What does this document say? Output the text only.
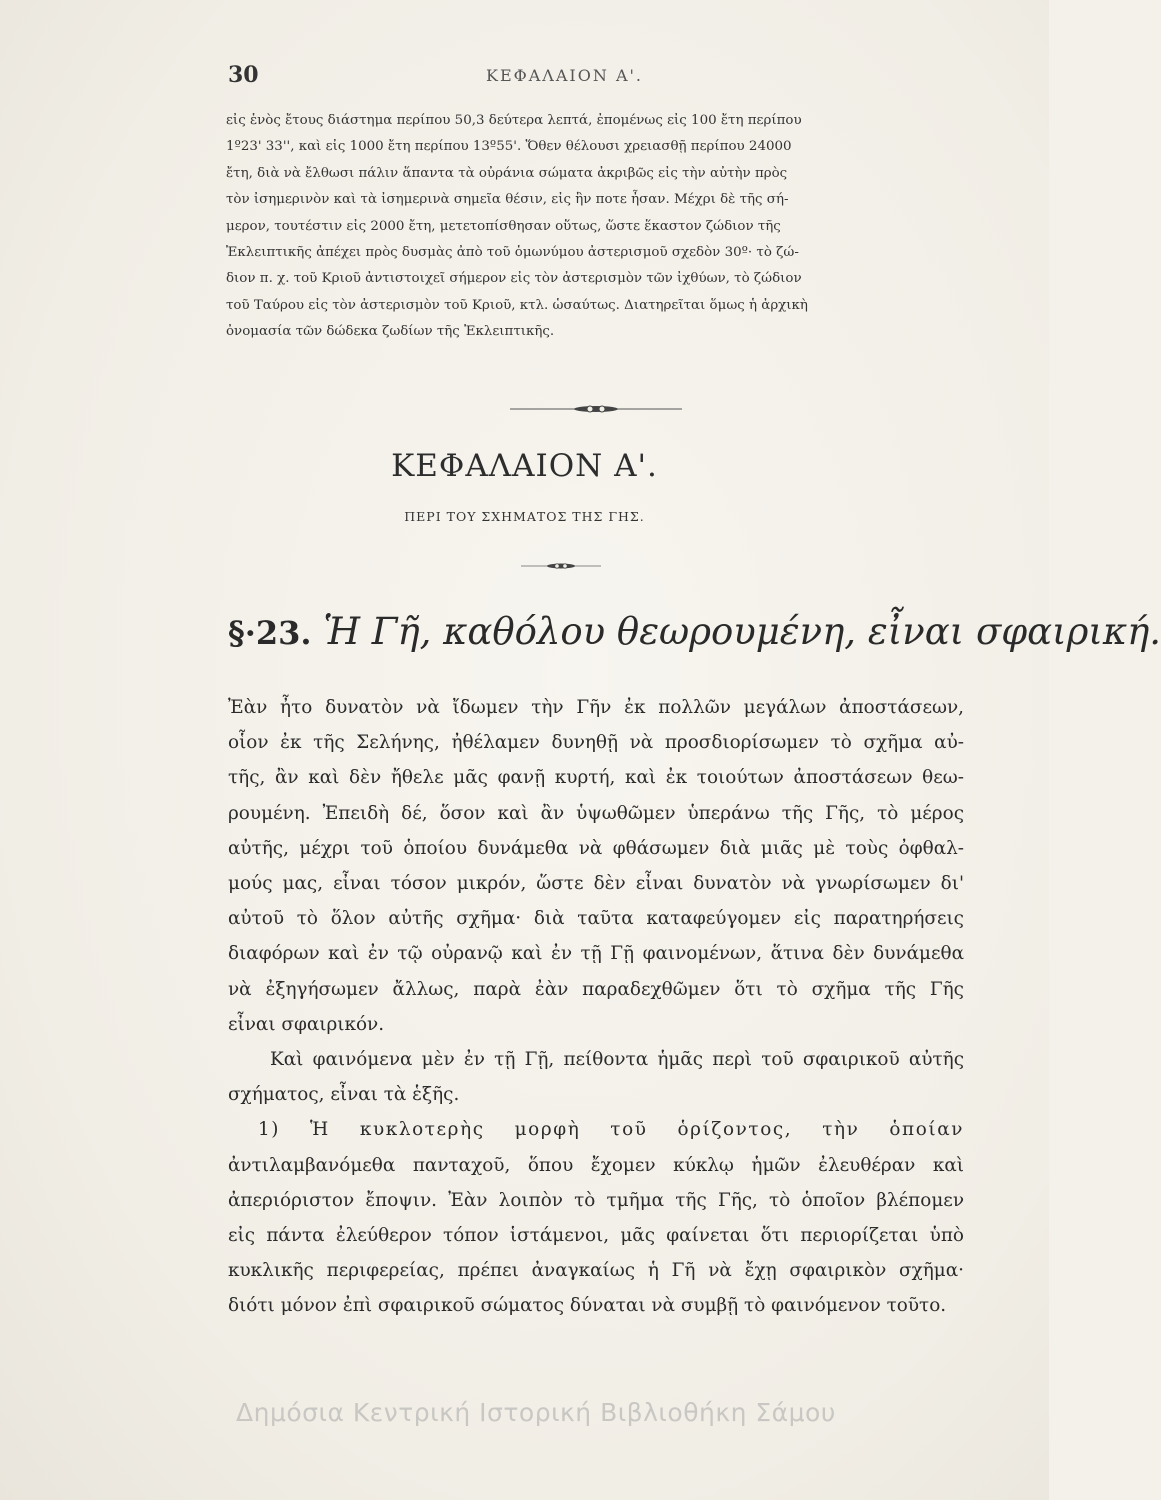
30	ΚΕΦΑΛΑΙΟΝ Α'.
εἰς ἑνὸς ἔτους διάστημα περίπου 50,3 δεύτερα λεπτά, ἐπομένως εἰς 100 ἔτη περίπου
1º23' 33'', καὶ εἰς 1000 ἔτη περίπου 13º55'. Ὅθεν θέλουσι χρειασθῇ περίπου 24000
ἔτη, διὰ νὰ ἔλθωσι πάλιν ἅπαντα τὰ οὐράνια σώματα ἀκριβῶς εἰς τὴν αὐτὴν πρὸς
τὸν ἰσημερινὸν καὶ τὰ ἰσημερινὰ σημεῖα θέσιν, εἰς ἣν ποτε ἦσαν. Μέχρι δὲ τῆς σή-
μερον, τουτέστιν εἰς 2000 ἔτη, μετετοπίσθησαν οὕτως, ὥστε ἕκαστον ζώδιον τῆς
Ἐκλειπτικῆς ἀπέχει πρὸς δυσμὰς ἀπὸ τοῦ ὁμωνύμου ἀστερισμοῦ σχεδὸν 30º· τὸ ζώ-
διον π. χ. τοῦ Κριοῦ ἀντιστοιχεῖ σήμερον εἰς τὸν ἀστερισμὸν τῶν ἰχθύων, τὸ ζώδιον
τοῦ Ταύρου εἰς τὸν ἀστερισμὸν τοῦ Κριοῦ, κτλ. ὡσαύτως. Διατηρεῖται ὅμως ἡ ἀρχικὴ
ὀνομασία τῶν δώδεκα ζωδίων τῆς Ἐκλειπτικῆς.
ΚΕΦΑΛΑΙΟΝ Α'.
ΠΕΡΙ ΤΟΥ ΣΧΗΜΑΤΟΣ ΤΗΣ ΓΗΣ.
§·23. Ἡ Γῆ, καθόλου θεωρουμένη, εἶναι σφαιρική.
Ἐὰν ἦτο δυνατὸν νὰ ἴδωμεν τὴν Γῆν ἐκ πολλῶν μεγάλων ἀποστάσεων,
οἷον ἐκ τῆς Σελήνης, ἠθέλαμεν δυνηθῇ νὰ προσδιορίσωμεν τὸ σχῆμα αὐ-
τῆς, ἂν καὶ δὲν ἤθελε μᾶς φανῇ κυρτή, καὶ ἐκ τοιούτων ἀποστάσεων θεω-
ρουμένη. Ἐπειδὴ δέ, ὅσον καὶ ἂν ὑψωθῶμεν ὑπεράνω τῆς Γῆς, τὸ μέρος
αὐτῆς, μέχρι τοῦ ὁποίου δυνάμεθα νὰ φθάσωμεν διὰ μιᾶς μὲ τοὺς ὀφθαλ-
μούς μας, εἶναι τόσον μικρόν, ὥστε δὲν εἶναι δυνατὸν νὰ γνωρίσωμεν δι'
αὐτοῦ τὸ ὅλον αὐτῆς σχῆμα· διὰ ταῦτα καταφεύγομεν εἰς παρατηρήσεις
διαφόρων καὶ ἐν τῷ οὐρανῷ καὶ ἐν τῇ Γῇ φαινομένων, ἅτινα δὲν δυνάμεθα
νὰ ἐξηγήσωμεν ἄλλως, παρὰ ἐὰν παραδεχθῶμεν ὅτι τὸ σχῆμα τῆς Γῆς
εἶναι σφαιρικόν.
Καὶ φαινόμενα μὲν ἐν τῇ Γῇ, πείθοντα ἡμᾶς περὶ τοῦ σφαιρικοῦ αὐτῆς
σχήματος, εἶναι τὰ ἑξῆς.
1) Ἡ κυκλοτερὴς μορφὴ τοῦ ὁρίζοντος, τὴν ὁποίαν
ἀντιλαμβανόμεθα πανταχοῦ, ὅπου ἔχομεν κύκλῳ ἡμῶν ἐλευθέραν καὶ
ἀπεριόριστον ἔποψιν. Ἐὰν λοιπὸν τὸ τμῆμα τῆς Γῆς, τὸ ὁποῖον βλέπομεν
εἰς πάντα ἐλεύθερον τόπον ἱστάμενοι, μᾶς φαίνεται ὅτι περιορίζεται ὑπὸ
κυκλικῆς περιφερείας, πρέπει ἀναγκαίως ἡ Γῆ νὰ ἔχῃ σφαιρικὸν σχῆμα·
διότι μόνον ἐπὶ σφαιρικοῦ σώματος δύναται νὰ συμβῇ τὸ φαινόμενον τοῦτο.
Δημόσια Κεντρική Ιστορική Βιβλιοθήκη Σάμου
